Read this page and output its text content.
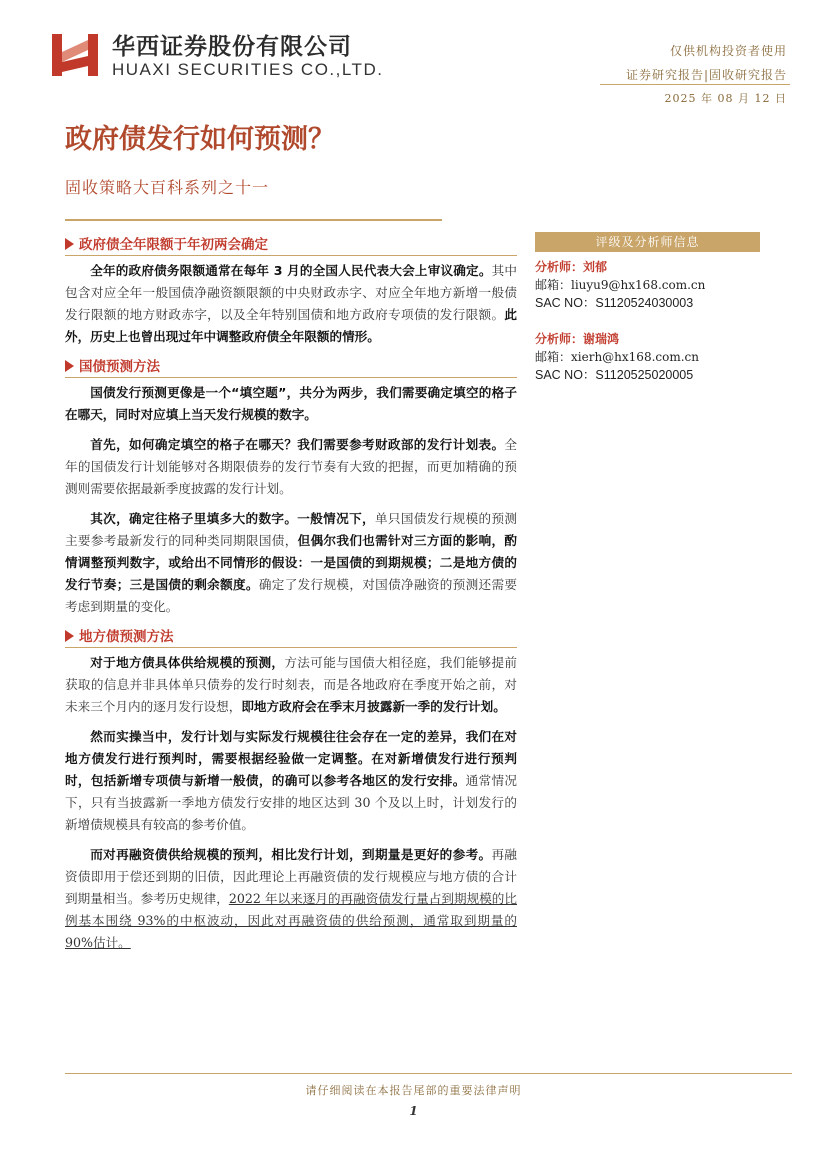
华西证券股份有限公司
HUAXI SECURITIES CO.,LTD.
仅供机构投资者使用
证券研究报告|固收研究报告
2025 年 08 月 12 日
政府债发行如何预测？
固收策略大百科系列之十一
政府债全年限额于年初两会确定

全年的政府债务限额通常在每年 3 月的全国人民代表大会上审议确定。其中包含对应全年一般国债净融资额限额的中央财政赤字、对应全年地方新增一般债发行限额的地方财政赤字，以及全年特别国债和地方政府专项债的发行限额。此外，历史上也曾出现过年中调整政府债全年限额的情形。

国债预测方法

国债发行预测更像是一个“填空题”，共分为两步，我们需要确定填空的格子在哪天，同时对应填上当天发行规模的数字。

首先，如何确定填空的格子在哪天？我们需要参考财政部的发行计划表。全年的国债发行计划能够对各期限债券的发行节奏有大致的把握，而更加精确的预测则需要依据最新季度披露的发行计划。

其次，确定往格子里填多大的数字。一般情况下，单只国债发行规模的预测主要参考最新发行的同种类同期限国债，但偶尔我们也需针对三方面的影响，酌情调整预判数字，或给出不同情形的假设：一是国债的到期规模；二是地方债的发行节奏；三是国债的剩余额度。确定了发行规模，对国债净融资的预测还需要考虑到期量的变化。

地方债预测方法

对于地方债具体供给规模的预测，方法可能与国债大相径庭，我们能够提前获取的信息并非具体单只债券的发行时刻表，而是各地政府在季度开始之前，对未来三个月内的逐月发行设想，即地方政府会在季末月披露新一季的发行计划。

然而实操当中，发行计划与实际发行规模往往会存在一定的差异，我们在对地方债发行进行预判时，需要根据经验做一定调整。在对新增债发行进行预判时，包括新增专项债与新增一般债，的确可以参考各地区的发行安排。通常情况下，只有当披露新一季地方债发行安排的地区达到 30 个及以上时，计划发行的新增债规模具有较高的参考价值。

而对再融资债供给规模的预判，相比发行计划，到期量是更好的参考。再融资债即用于偿还到期的旧债，因此理论上再融资债的发行规模应与地方债的合计到期量相当。参考历史规律，2022 年以来逐月的再融资债发行量占到期规模的比例基本围绕 93%的中枢波动，因此对再融资债的供给预测，通常取到期量的 90%估计。

评级及分析师信息
分析师：刘郁
邮箱：liuyu9@hx168.com.cn
SAC NO：S1120524030003
分析师：谢瑞鸿
邮箱：xierh@hx168.com.cn
SAC NO：S1120525020005
请仔细阅读在本报告尾部的重要法律声明
1
